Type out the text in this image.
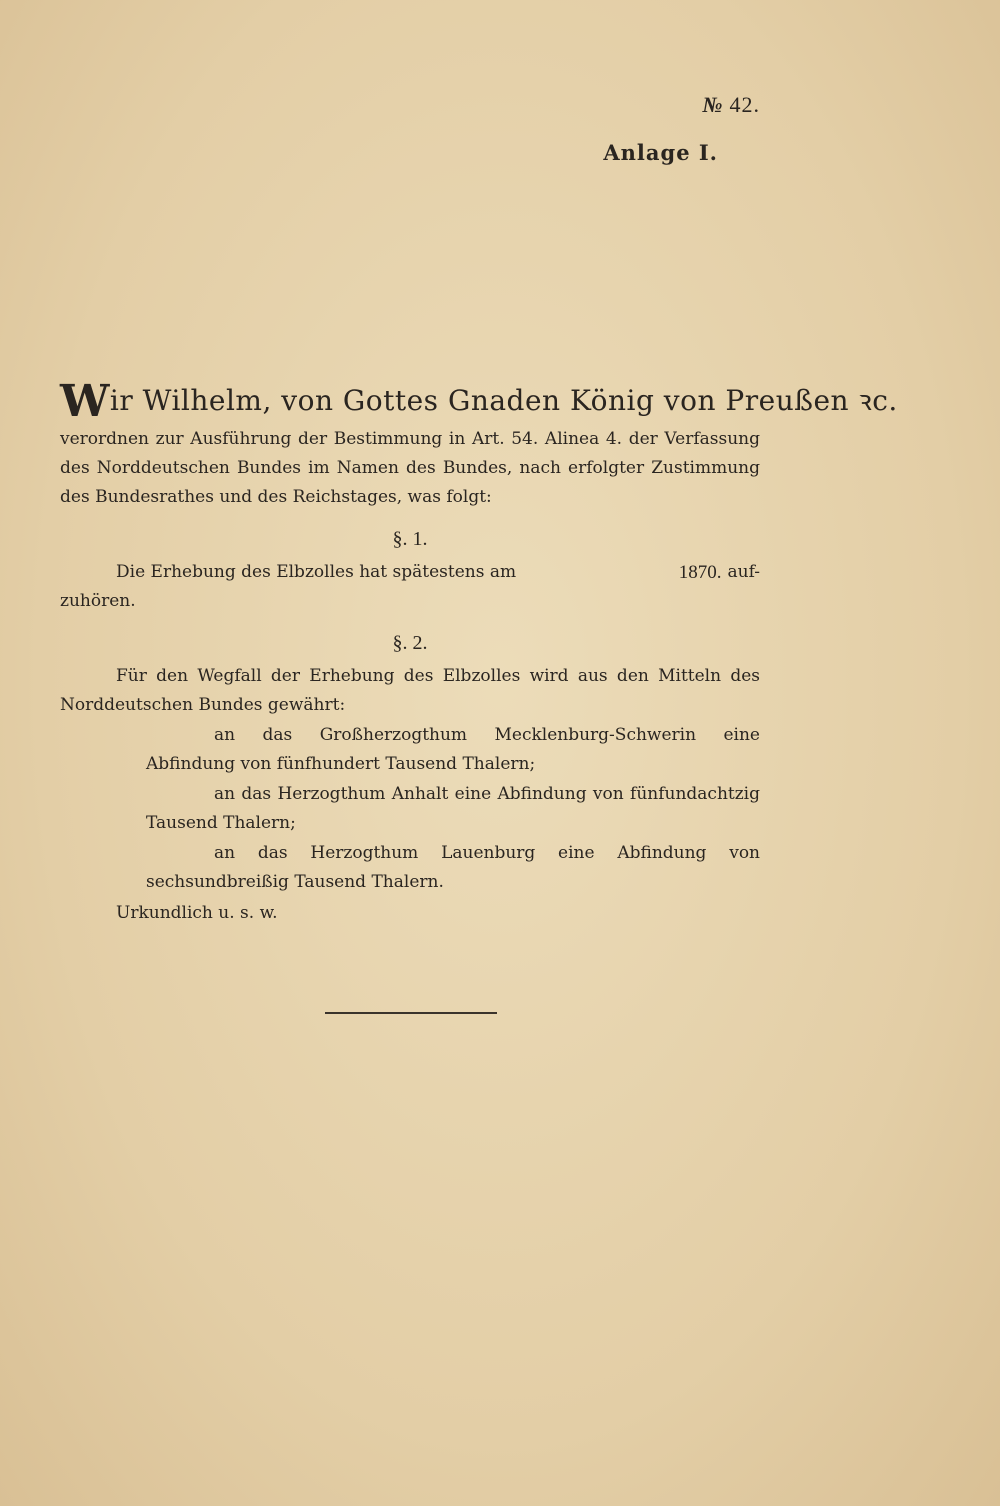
№ 42.
Anlage I.
Wir Wilhelm, von Gottes Gnaden König von Preußen ꝛc.
verordnen zur Ausführung der Bestimmung in Art. 54. Alinea 4. der Verfassung des Norddeutschen Bundes im Namen des Bundes, nach erfolgter Zustimmung des Bundesrathes und des Reichstages, was folgt:
§. 1.
Die Erhebung des Elbzolles hat spätestens am	1870. auf-
zuhören.
§. 2.
Für den Wegfall der Erhebung des Elbzolles wird aus den Mitteln des Norddeutschen Bundes gewährt:
an das Großherzogthum Mecklenburg-Schwerin eine Abfindung von fünfhundert Tausend Thalern;
an das Herzogthum Anhalt eine Abfindung von fünfundachtzig Tausend Thalern;
an das Herzogthum Lauenburg eine Abfindung von sechsundbreißig Tausend Thalern.
Urkundlich u. s. w.
